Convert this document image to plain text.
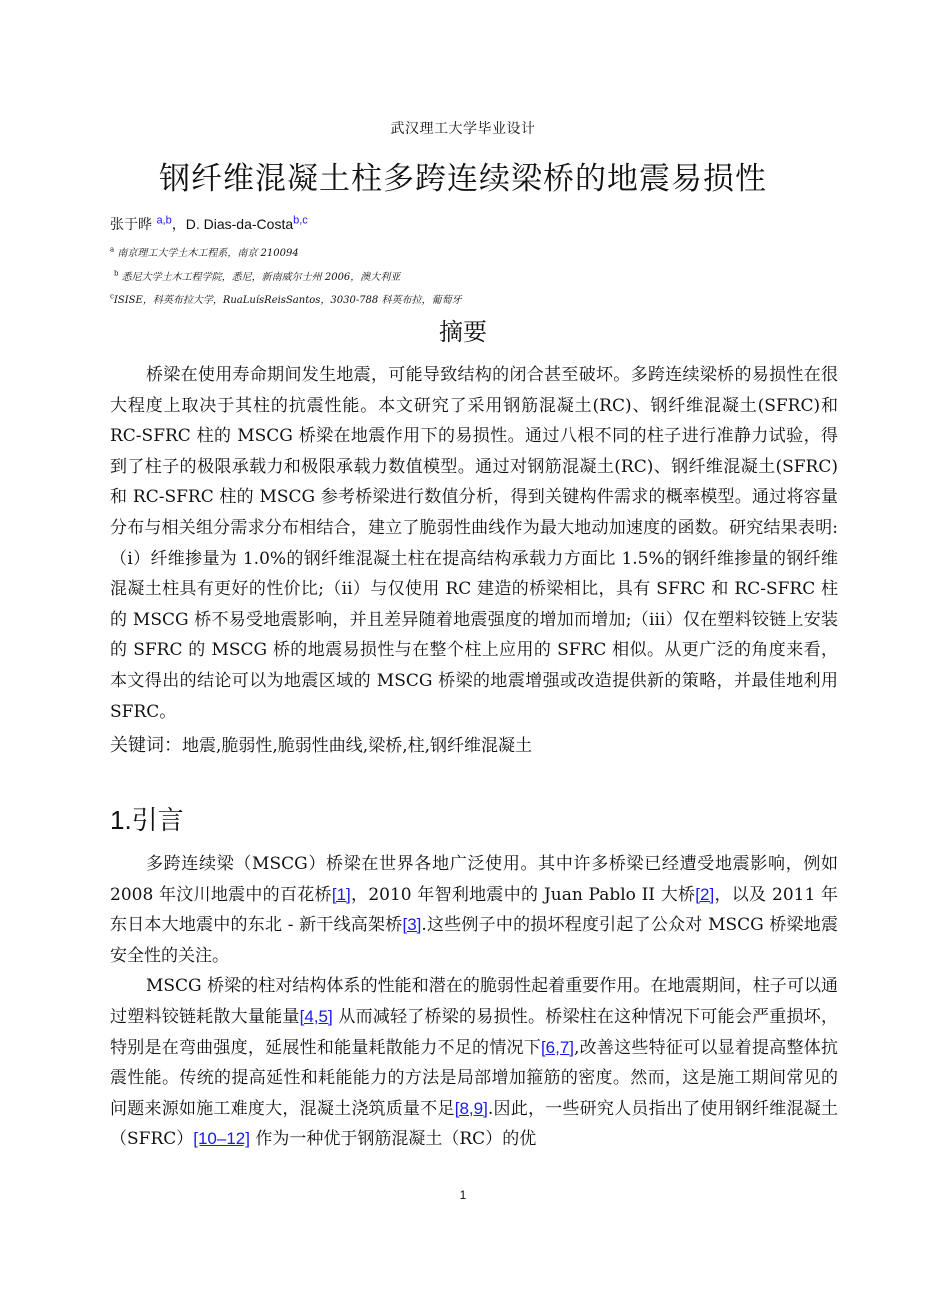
武汉理工大学毕业设计
钢纤维混凝土柱多跨连续梁桥的地震易损性
张于晔 $^{a,b}$，D. Dias-da-Costa$^{b,c}$
$^a$ 南京理工大学土木工程系，南京 210094
$^b$ 悉尼大学土木工程学院，悉尼，新南威尔士州 2006，澳大利亚
$^c$ISISE，科英布拉大学，RuaLuísReisSantos，3030-788 科英布拉，葡萄牙
摘要
桥梁在使用寿命期间发生地震，可能导致结构的闭合甚至破坏。多跨连续梁桥的易损性在很大程度上取决于其柱的抗震性能。本文研究了采用钢筋混凝土(RC)、钢纤维混凝土(SFRC)和 RC-SFRC 柱的 MSCG 桥梁在地震作用下的易损性。通过八根不同的柱子进行准静力试验，得到了柱子的极限承载力和极限承载力数值模型。通过对钢筋混凝土(RC)、钢纤维混凝土(SFRC)和 RC-SFRC 柱的 MSCG 参考桥梁进行数值分析，得到关键构件需求的概率模型。通过将容量分布与相关组分需求分布相结合，建立了脆弱性曲线作为最大地动加速度的函数。研究结果表明:（i）纤维掺量为 1.0%的钢纤维混凝土柱在提高结构承载力方面比 1.5%的钢纤维掺量的钢纤维混凝土柱具有更好的性价比;（ii）与仅使用 RC 建造的桥梁相比，具有 SFRC 和 RC-SFRC 柱的 MSCG 桥不易受地震影响，并且差异随着地震强度的增加而增加;（iii）仅在塑料铰链上安装的 SFRC 的 MSCG 桥的地震易损性与在整个柱上应用的 SFRC 相似。从更广泛的角度来看，本文得出的结论可以为地震区域的 MSCG 桥梁的地震增强或改造提供新的策略，并最佳地利用 SFRC。
关键词：地震,脆弱性,脆弱性曲线,梁桥,柱,钢纤维混凝土
1.引言

多跨连续梁（MSCG）桥梁在世界各地广泛使用。其中许多桥梁已经遭受地震影响，例如 2008 年汶川地震中的百花桥[1]，2010 年智利地震中的 Juan Pablo II 大桥[2]，以及 2011 年东日本大地震中的东北 - 新干线高架桥[3].这些例子中的损坏程度引起了公众对 MSCG 桥梁地震安全性的关注。

MSCG 桥梁的柱对结构体系的性能和潜在的脆弱性起着重要作用。在地震期间，柱子可以通过塑料铰链耗散大量能量[4,5] 从而减轻了桥梁的易损性。桥梁柱在这种情况下可能会严重损坏，特别是在弯曲强度，延展性和能量耗散能力不足的情况下[6,7],改善这些特征可以显着提高整体抗震性能。传统的提高延性和耗能能力的方法是局部增加箍筋的密度。然而，这是施工期间常见的问题来源如施工难度大，混凝土浇筑质量不足[8,9].因此，一些研究人员指出了使用钢纤维混凝土（SFRC）[10–12] 作为一种优于钢筋混凝土（RC）的优

1
